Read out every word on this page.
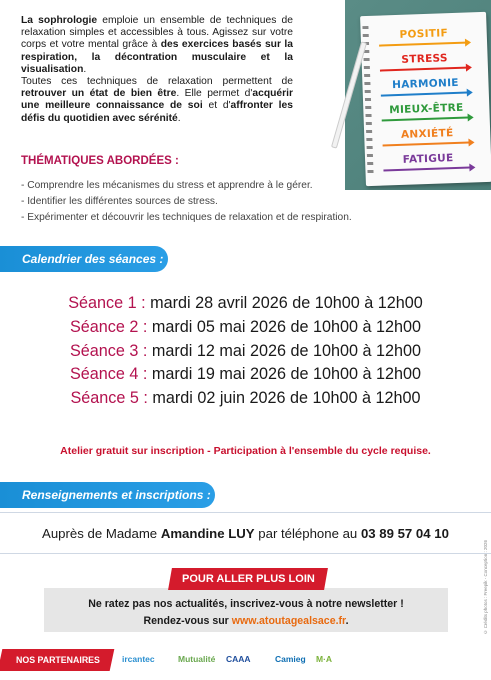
La sophrologie emploie un ensemble de techniques de relaxation simples et accessibles à tous. Agissez sur votre corps et votre mental grâce à des exercices basés sur la respiration, la décontration musculaire et la visualisation.

Toutes ces techniques de relaxation permettent de retrouver un état de bien être. Elle permet d'acquérir une meilleure connaissance de soi et d'affronter les défis du quotidien avec sérénité.

POSITIF
STRESS
HARMONIE
MIEUX-ÊTRE
ANXIÉTÉ
FATIGUE
THÉMATIQUES ABORDÉES :
- Comprendre les mécanismes du stress et apprendre à le gérer.
- Identifier les différentes sources de stress.
- Expérimenter et découvrir les techniques de relaxation et de respiration.
Calendrier des séances :
Séance 1 : mardi 28 avril 2026 de 10h00 à 12h00
Séance 2 : mardi 05 mai 2026 de 10h00 à 12h00
Séance 3 : mardi 12 mai 2026 de 10h00 à 12h00
Séance 4 : mardi 19 mai 2026 de 10h00 à 12h00
Séance 5 : mardi 02 juin 2026 de 10h00 à 12h00
Atelier gratuit sur inscription - Participation à l'ensemble du cycle requise.
Renseignements et inscriptions :
Auprès de Madame Amandine LUY par téléphone au 03 89 57 04 10
Ne ratez pas nos actualités, inscrivez-vous à notre newsletter !
Rendez-vous sur www.atoutagealsace.fr.
POUR ALLER PLUS LOIN
NOS PARTENAIRES	ircantec	Mutualité CAAA	Camieg M·A
© Crédits photos : Freepik - Conception : 2026
